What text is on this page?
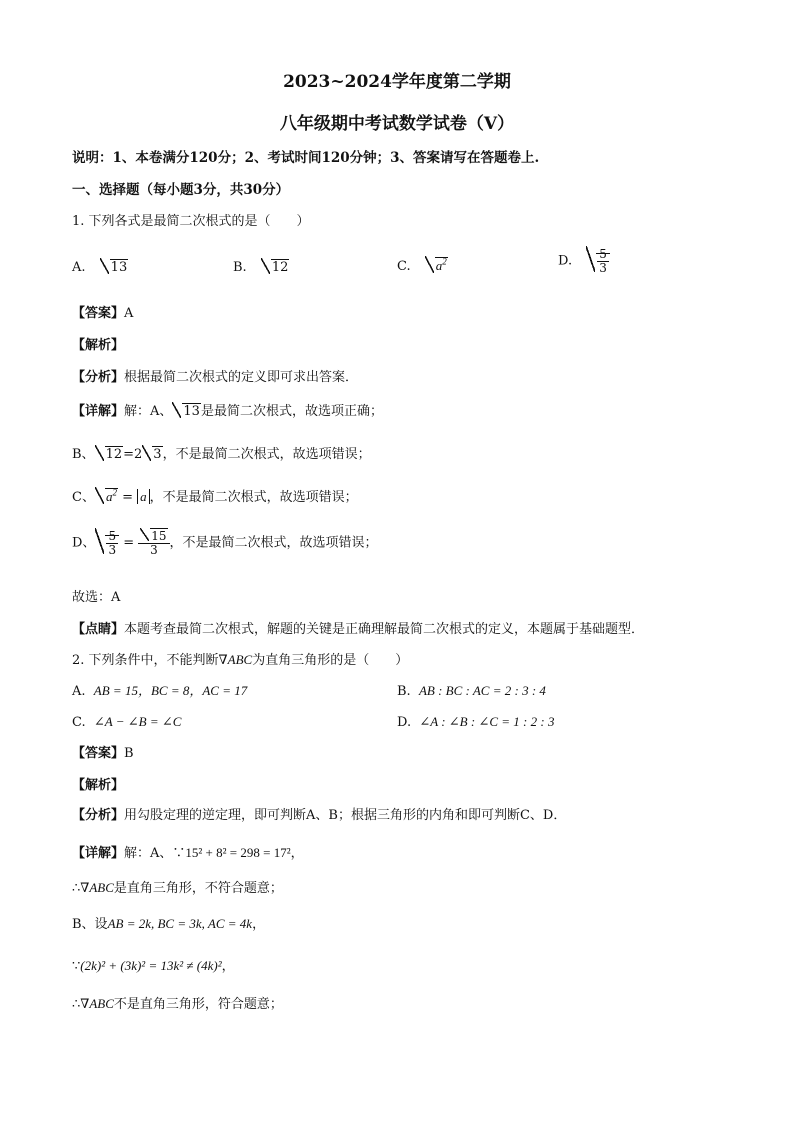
2023~2024学年度第二学期
八年级期中考试数学试卷（V）
说明：1、本卷满分120分；2、考试时间120分钟；3、答案请写在答题卷上.
一、选择题（每小题3分，共30分）
1. 下列各式是最简二次根式的是（　　）
A. 13	B. 12	C. $a^2$	D. $\frac{5}{3}$
【答案】A
【解析】
【分析】根据最简二次根式的定义即可求出答案．
【详解】解：A、 13是最简二次根式，故选项正确；
B、 12=2 3，不是最简二次根式，故选项错误；
C、 $a^2 = a$ ，不是最简二次根式，故选项错误；
D、 $\frac{5}{3} = \frac{15}{3}$ ，不是最简二次根式，故选项错误；
故选：A
【点睛】本题考查最简二次根式，解题的关键是正确理解最简二次根式的定义，本题属于基础题型．
2. 下列条件中，不能判断∇ABC为直角三角形的是（　　）
A. AB = 15，BC = 8，AC = 17	B. AB : BC : AC = 2 : 3 : 4
C. ∠A − ∠B = ∠C	D. ∠A : ∠B : ∠C = 1 : 2 : 3
【答案】B
【解析】
【分析】用勾股定理的逆定理，即可判断A、B；根据三角形的内角和即可判断C、D．
【详解】解：A、∵15² + 8² = 298 = 17²，
∴∇ABC是直角三角形，不符合题意；
B、设AB = 2k, BC = 3k, AC = 4k，
∵(2k)² + (3k)² = 13k² ≠ (4k)²，
∴∇ABC不是直角三角形，符合题意；
